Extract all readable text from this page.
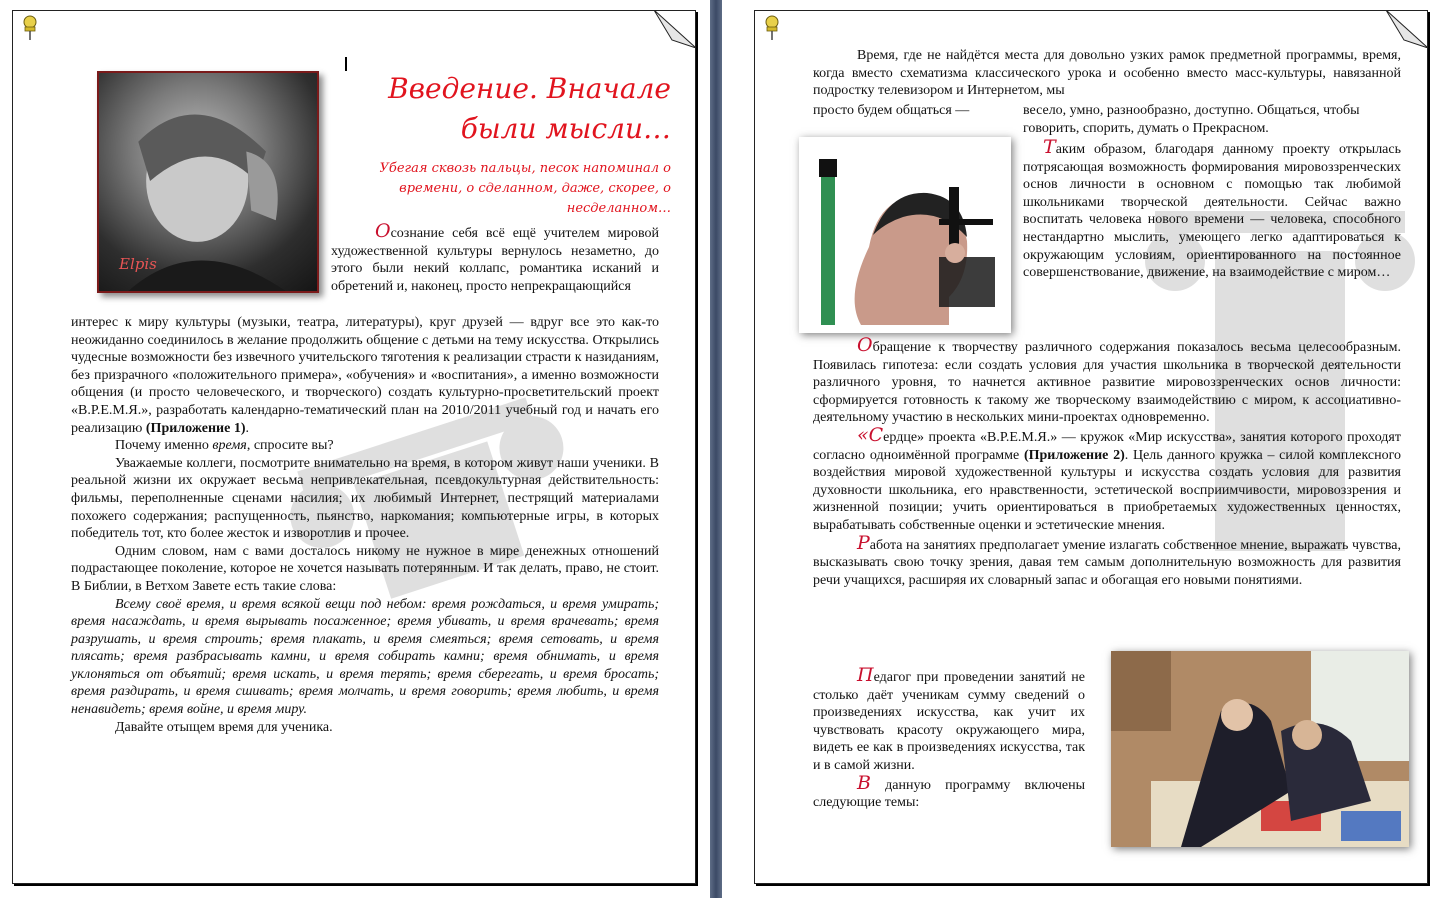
Введение. Вначале были мысли…
Убегая сквозь пальцы, песок напоминал о времени, о сделанном, даже, скорее, о несделанном…
Elpis

Осознание себя всё ещё учителем мировой художественной культуры вернулось незаметно, до этого были некий коллапс, романтика исканий и обретений и, наконец, просто непрекращающийся

интерес к миру культуры (музыки, театра, литературы), круг друзей — вдруг все это как-то неожиданно соединилось в желание продолжить общение с детьми на тему искусства. Открылись чудесные возможности без извечного учительского тяготения к реализации страсти к назиданиям, без призрачного «положительного примера», «обучения» и «воспитания», а именно возможности общения (и просто человеческого, и творческого) создать культурно-просветительский проект «В.Р.Е.М.Я.», разработать календарно-тематический план на 2010/2011 учебный год и начать его реализацию (Приложение 1).

Почему именно время, спросите вы?

Уважаемые коллеги, посмотрите внимательно на время, в котором живут наши ученики. В реальной жизни их окружает весьма непривлекательная, псевдокультурная действительность: фильмы, переполненные сценами насилия; их любимый Интернет, пестрящий материалами похожего содержания; распущенность, пьянство, наркомания; компьютерные игры, в которых победитель тот, кто более жесток и изворотлив и прочее.

Одним словом, нам с вами досталось никому не нужное в мире денежных отношений подрастающее поколение, которое не хочется называть потерянным. И так делать, право, не стоит. В Библии, в Ветхом Завете есть такие слова:

Всему своё время, и время всякой вещи под небом: время рождаться, и время умирать; время насаждать, и время вырывать посаженное; время убивать, и время врачевать; время разрушать, и время строить; время плакать, и время смеяться; время сетовать, и время плясать; время разбрасывать камни, и время собирать камни; время обнимать, и время уклоняться от объятий; время искать, и время терять; время сберегать, и время бросать; время раздирать, и время сшивать; время молчать, и время говорить; время любить, и время ненавидеть; время войне, и время миру.

Давайте отыщем время для ученика.

Время, где не найдётся места для довольно узких рамок предметной программы, время, когда вместо схематизма классического урока и особенно вместо масс-культуры, навязанной подростку телевизором и Интернетом, мы

просто будем общаться —	весело, умно, разнообразно, доступно. Общаться, чтобы говорить, спорить, думать о Прекрасном.

Таким образом, благодаря данному проекту открылась потрясающая возможность формирования мировоззренческих основ личности в основном с помощью так любимой школьниками творческой деятельности. Сейчас важно воспитать человека нового времени — человека, способного нестандартно мыслить, умеющего легко адаптироваться к окружающим условиям, ориентированного на постоянное совершенствование, движение, на взаимодействие с миром…

Обращение к творчеству различного содержания показалось весьма целесообразным. Появилась гипотеза: если создать условия для участия школьника в творческой деятельности различного уровня, то начнется активное развитие мировоззренческих основ личности: сформируется готовность к такому же творческому взаимодействию с миром, к ассоциативно-деятельному участию в нескольких мини-проектах одновременно.

«Сердце» проекта «В.Р.Е.М.Я.» — кружок «Мир искусства», занятия которого проходят согласно одноимённой программе (Приложение 2). Цель данного кружка – силой комплексного воздействия мировой художественной культуры и искусства создать условия для развития духовности школьника, его нравственности, эстетической восприимчивости, мировоззрения и жизненной позиции; учить ориентироваться в приобретаемых художественных ценностях, вырабатывать собственные оценки и эстетические мнения.

Работа на занятиях предполагает умение излагать собственное мнение, выражать чувства, высказывать свою точку зрения, давая тем самым дополнительную возможность для развития речи учащихся, расширяя их словарный запас и обогащая его новыми понятиями.

Педагог при проведении занятий не столько даёт ученикам сумму сведений о произведениях искусства, как учит их чувствовать красоту окружающего мира, видеть ее как в произведениях искусства, так и в самой жизни.

В данную программу включены следующие темы:
